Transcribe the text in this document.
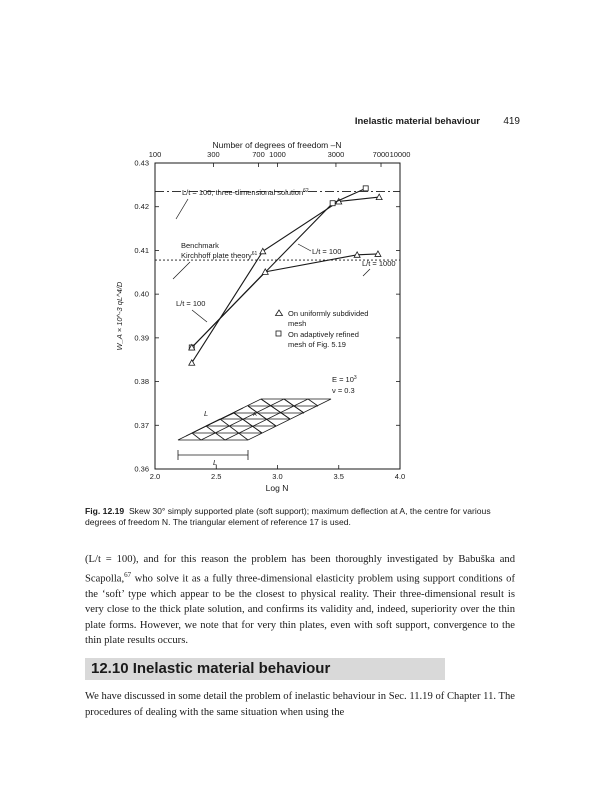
Inelastic material behaviour 419
Number of degrees of freedom –N
Log N
W_A × 10^-3 qL^4/D
2.0	2.5	3.0	3.5	4.0
0.36
0.37
0.38
0.39
0.40
0.41
0.42
0.43
100	300	700 1000	3000	7000 10000
L/t = 100, three-dimensional solution$^{62}$
Benchmark
Kirchhoff plate theory$^{61}$
L/t = 100
L/t = 100
L/t = 1000
On uniformly subdivided
mesh
On adaptively refined
mesh of Fig. 5.19
$E = 10^3$
ν = 0.3
L
L	A
Fig. 12.19 Skew 30° simply supported plate (soft support); maximum deflection at A, the centre for various degrees of freedom N. The triangular element of reference 17 is used.

(L/t = 100), and for this reason the problem has been thoroughly investigated by Babuška and Scapolla,$^{67}$ who solve it as a fully three-dimensional elasticity problem using support conditions of the ‘soft’ type which appear to be the closest to physical reality. Their three-dimensional result is very close to the thick plate solution, and confirms its validity and, indeed, superiority over the thin plate forms. However, we note that for very thin plates, even with soft support, convergence to the thin plate results occurs.

12.10 Inelastic material behaviour

We have discussed in some detail the problem of inelastic behaviour in Sec. 11.19 of Chapter 11. The procedures of dealing with the same situation when using the
